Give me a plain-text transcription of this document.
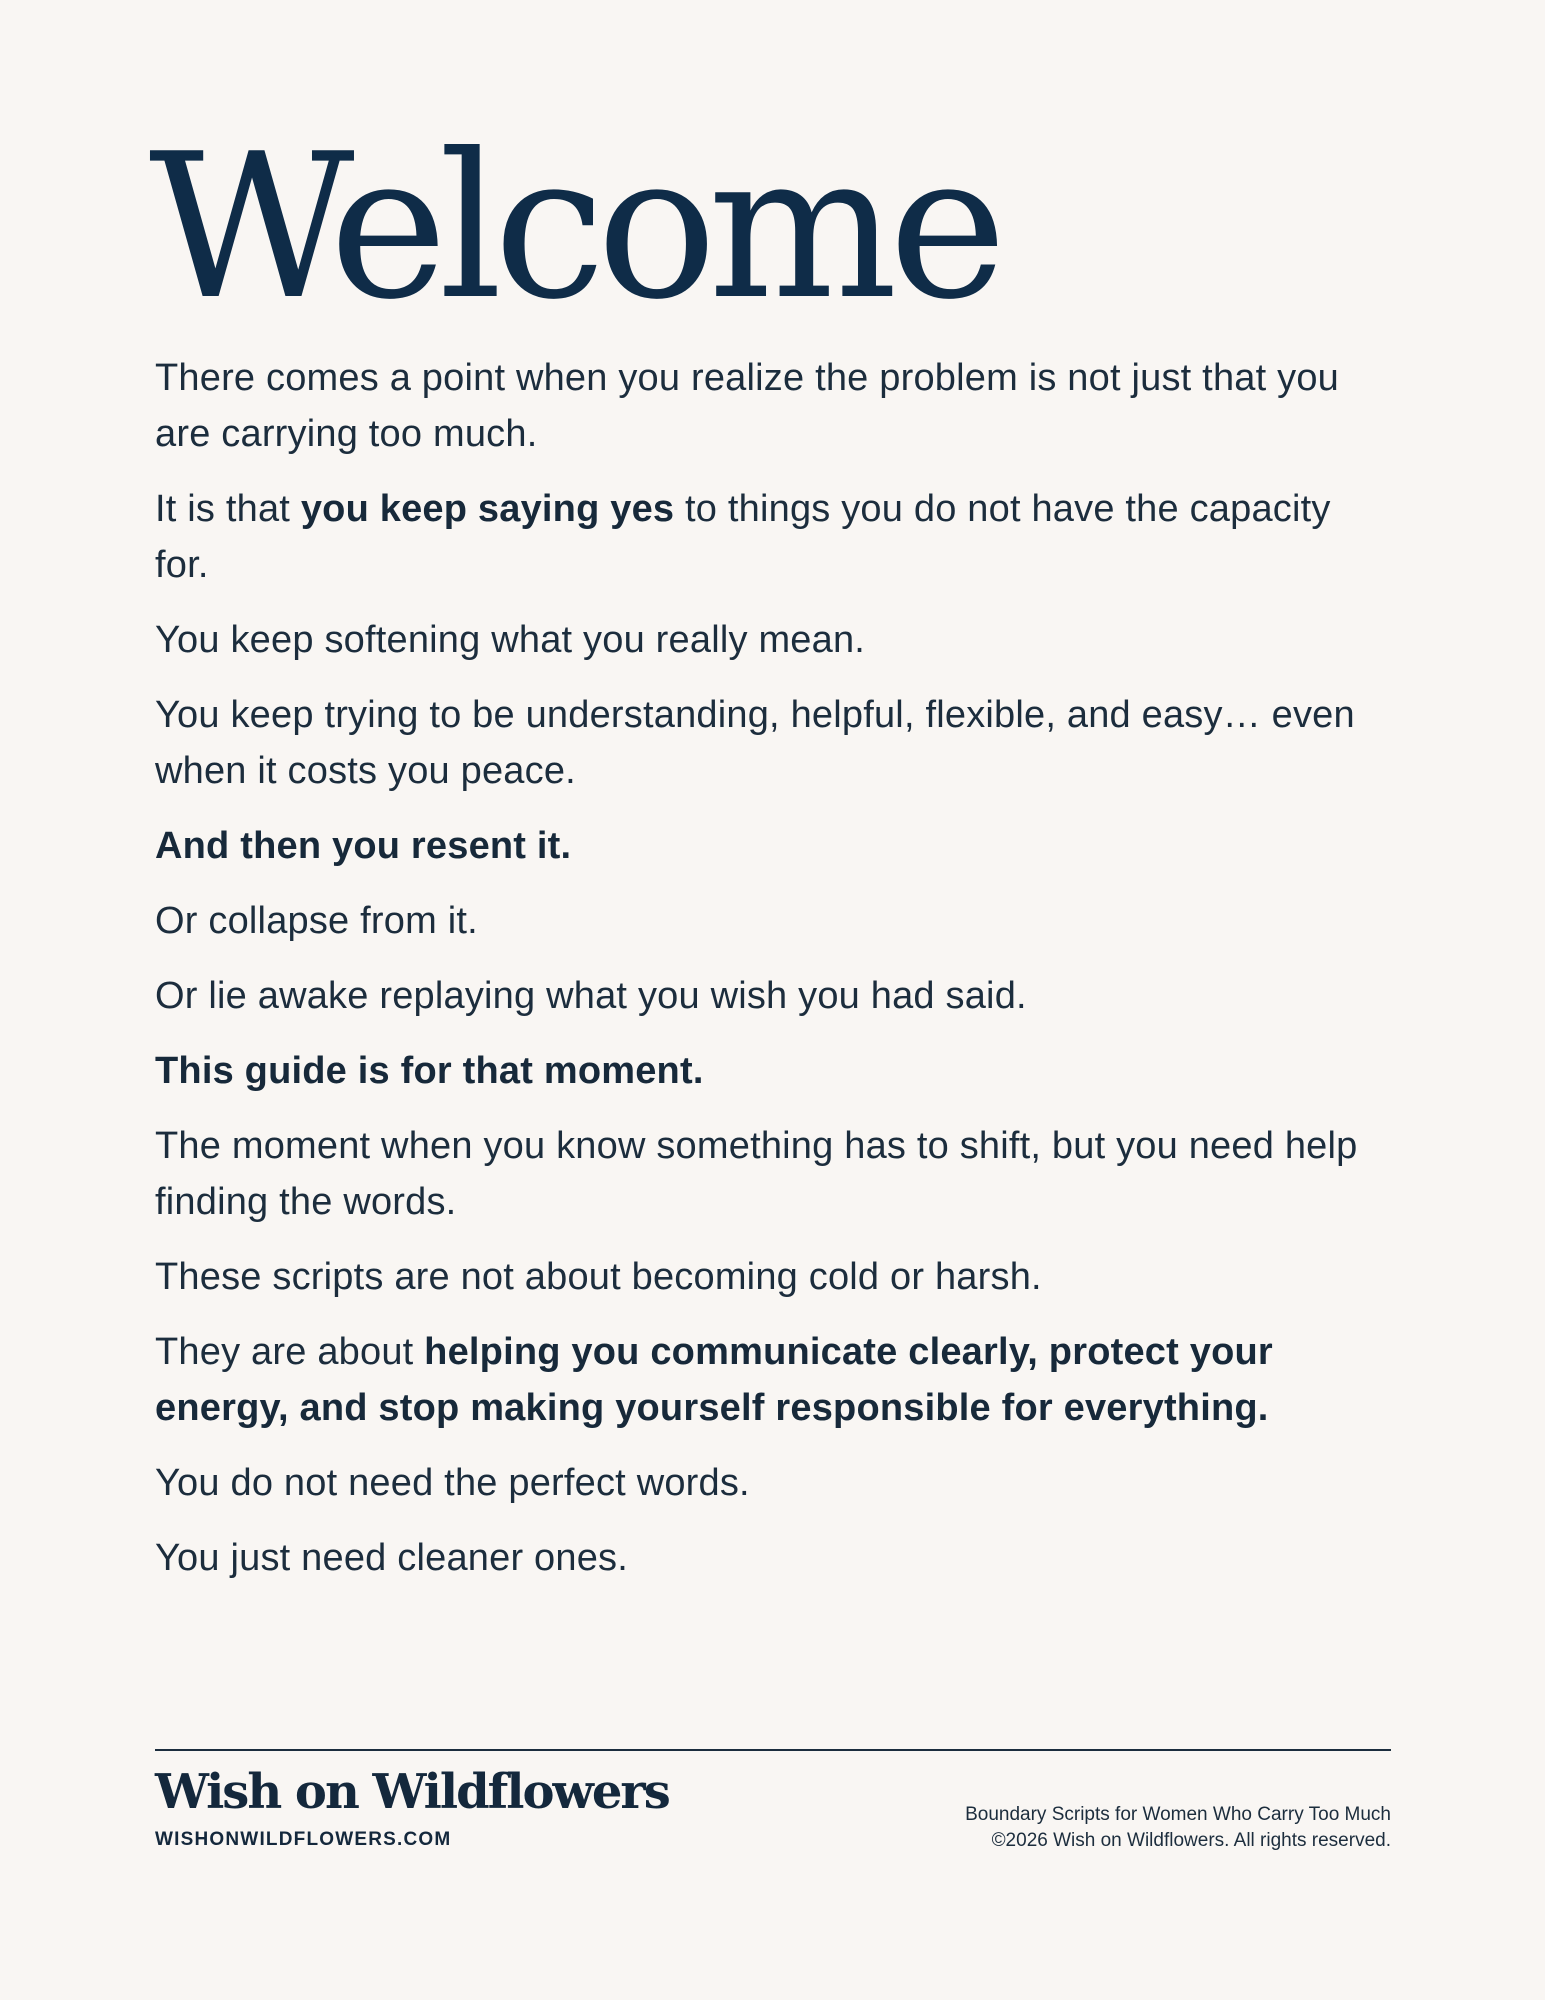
Welcome

There comes a point when you realize the problem is not just that you are carrying too much.

It is that you keep saying yes to things you do not have the capacity for.

You keep softening what you really mean.

You keep trying to be understanding, helpful, flexible, and easy… even when it costs you peace.

And then you resent it.

Or collapse from it.

Or lie awake replaying what you wish you had said.

This guide is for that moment.

The moment when you know something has to shift, but you need help finding the words.

These scripts are not about becoming cold or harsh.

They are about helping you communicate clearly, protect your energy, and stop making yourself responsible for everything.

You do not need the perfect words.

You just need cleaner ones.

Wish on Wildflowers
WISHONWILDFLOWERS.COM
Boundary Scripts for Women Who Carry Too Much
©2026 Wish on Wildflowers. All rights reserved.
